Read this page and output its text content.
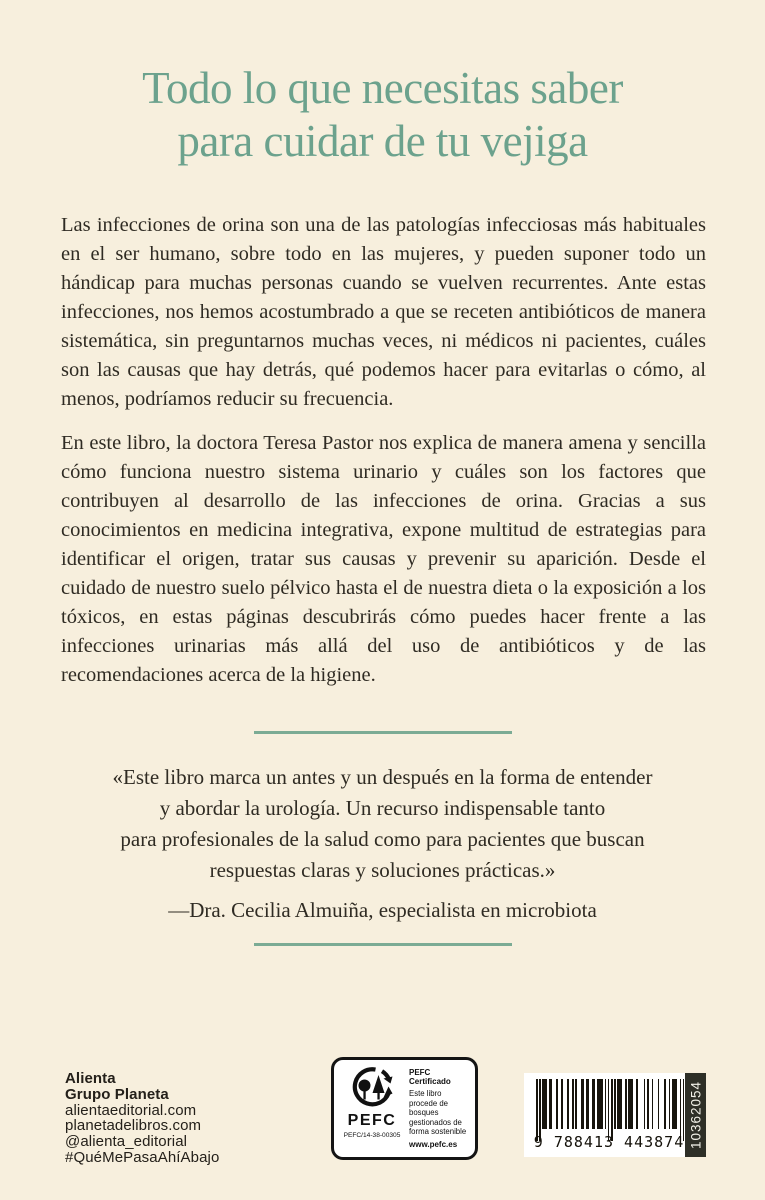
Todo lo que necesitas saber
para cuidar de tu vejiga

Las infecciones de orina son una de las patologías infecciosas más habituales en el ser humano, sobre todo en las mujeres, y pueden suponer todo un hándicap para muchas personas cuando se vuelven recurrentes. Ante estas infecciones, nos hemos acostumbrado a que se receten antibióticos de manera sistemática, sin preguntarnos muchas veces, ni médicos ni pacientes, cuáles son las causas que hay detrás, qué podemos hacer para evitarlas o cómo, al menos, podríamos reducir su frecuencia.

En este libro, la doctora Teresa Pastor nos explica de manera amena y sencilla cómo funciona nuestro sistema urinario y cuáles son los factores que contribuyen al desarrollo de las infecciones de orina. Gracias a sus conocimientos en medicina integrativa, expone multitud de estrategias para identificar el origen, tratar sus causas y prevenir su aparición. Desde el cuidado de nuestro suelo pélvico hasta el de nuestra dieta o la exposición a los tóxicos, en estas páginas descubrirás cómo puedes hacer frente a las infecciones urinarias más allá del uso de antibióticos y de las recomendaciones acerca de la higiene.

«Este libro marca un antes y un después en la forma de entender
y abordar la urología. Un recurso indispensable tanto
para profesionales de la salud como para pacientes que buscan
respuestas claras y soluciones prácticas.»
—Dra. Cecilia Almuiña, especialista en microbiota
Alienta
Grupo Planeta
alientaeditorial.com
planetadelibros.com
@alienta_editorial
#QuéMePasaAhíAbajo
PEFC
PEFC/14-38-00305
PEFC Certificado
Este libro procede de bosques gestionados de forma sostenible
www.pefc.es	9 788413 443874 10362054
